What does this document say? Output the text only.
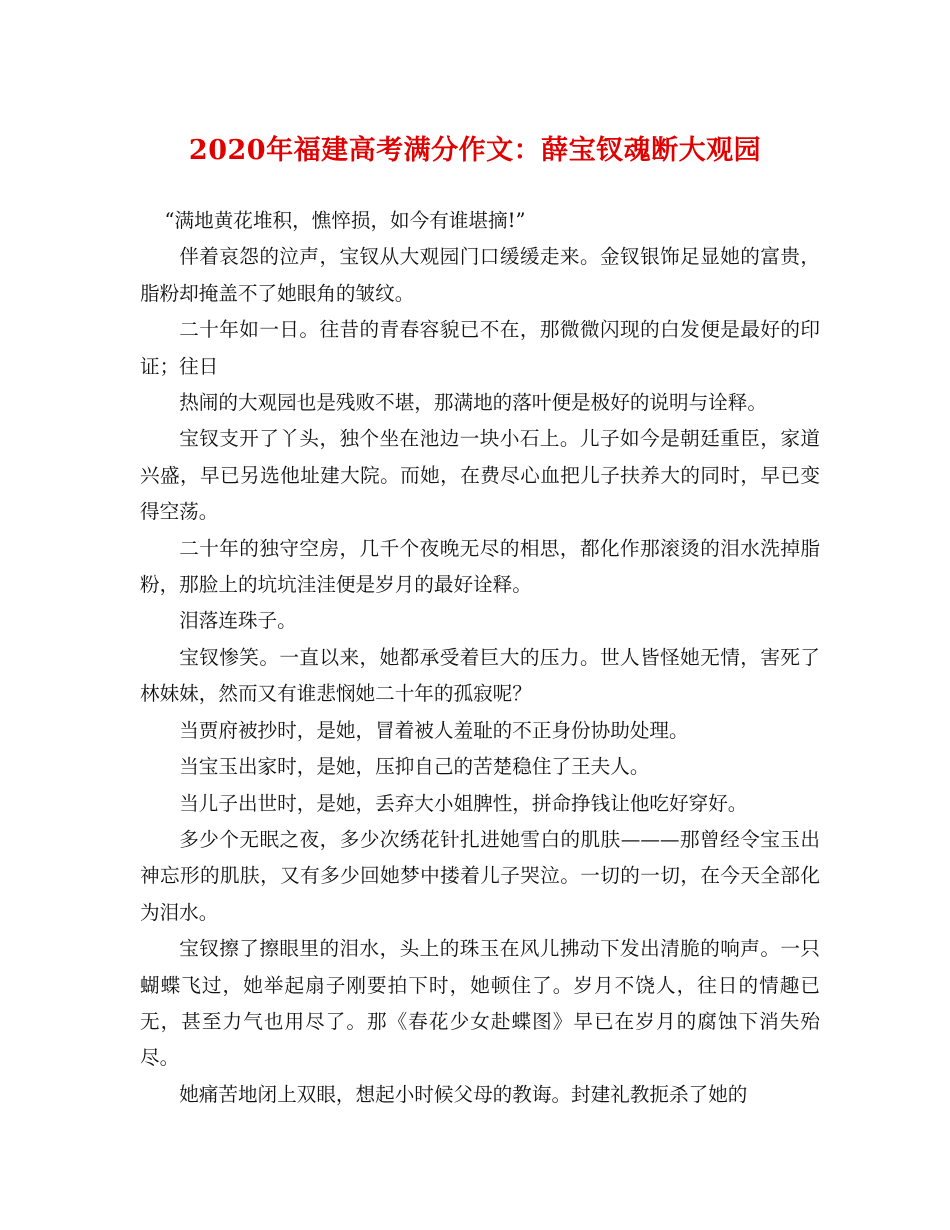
2020年福建高考满分作文：薛宝钗魂断大观园

“满地黄花堆积，憔悴损，如今有谁堪摘!”

伴着哀怨的泣声，宝钗从大观园门口缓缓走来。金钗银饰足显她的富贵，脂粉却掩盖不了她眼角的皱纹。

二十年如一日。往昔的青春容貌已不在，那微微闪现的白发便是最好的印证；往日

热闹的大观园也是残败不堪，那满地的落叶便是极好的说明与诠释。

宝钗支开了丫头，独个坐在池边一块小石上。儿子如今是朝廷重臣，家道兴盛，早已另选他址建大院。而她，在费尽心血把儿子扶养大的同时，早已变得空荡。

二十年的独守空房，几千个夜晚无尽的相思，都化作那滚烫的泪水洗掉脂粉，那脸上的坑坑洼洼便是岁月的最好诠释。

泪落连珠子。

宝钗惨笑。一直以来，她都承受着巨大的压力。世人皆怪她无情，害死了林妹妹，然而又有谁悲悯她二十年的孤寂呢？

当贾府被抄时，是她，冒着被人羞耻的不正身份协助处理。

当宝玉出家时，是她，压抑自己的苦楚稳住了王夫人。

当儿子出世时，是她，丢弃大小姐脾性，拼命挣钱让他吃好穿好。

多少个无眠之夜，多少次绣花针扎进她雪白的肌肤———那曾经令宝玉出神忘形的肌肤，又有多少回她梦中搂着儿子哭泣。一切的一切，在今天全部化为泪水。

宝钗擦了擦眼里的泪水，头上的珠玉在风儿拂动下发出清脆的响声。一只蝴蝶飞过，她举起扇子刚要拍下时，她顿住了。岁月不饶人，往日的情趣已无，甚至力气也用尽了。那《春花少女赴蝶图》早已在岁月的腐蚀下消失殆尽。

她痛苦地闭上双眼，想起小时候父母的教诲。封建礼教扼杀了她的
